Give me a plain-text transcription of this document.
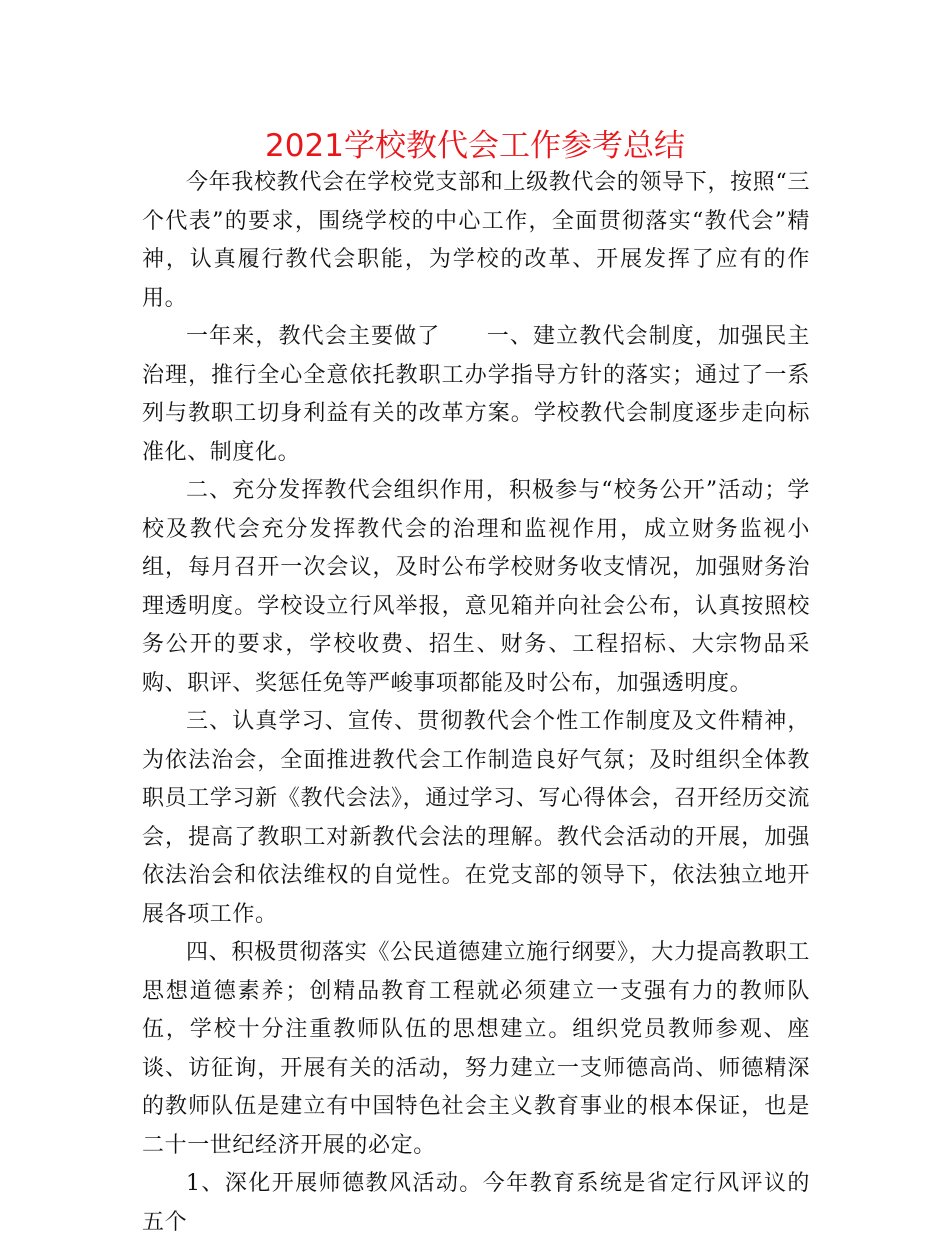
2021学校教代会工作参考总结

今年我校教代会在学校党支部和上级教代会的领导下，按照“三个代表”的要求，围绕学校的中心工作，全面贯彻落实“教代会”精神，认真履行教代会职能，为学校的改革、开展发挥了应有的作用。

一年来，教代会主要做了　　一、建立教代会制度，加强民主治理，推行全心全意依托教职工办学指导方针的落实；通过了一系列与教职工切身利益有关的改革方案。学校教代会制度逐步走向标准化、制度化。

二、充分发挥教代会组织作用，积极参与“校务公开”活动；学校及教代会充分发挥教代会的治理和监视作用，成立财务监视小组，每月召开一次会议，及时公布学校财务收支情况，加强财务治理透明度。学校设立行风举报，意见箱并向社会公布，认真按照校务公开的要求，学校收费、招生、财务、工程招标、大宗物品采购、职评、奖惩任免等严峻事项都能及时公布，加强透明度。

三、认真学习、宣传、贯彻教代会个性工作制度及文件精神，为依法治会，全面推进教代会工作制造良好气氛；及时组织全体教职员工学习新《教代会法》，通过学习、写心得体会，召开经历交流会，提高了教职工对新教代会法的理解。教代会活动的开展，加强依法治会和依法维权的自觉性。在党支部的领导下，依法独立地开展各项工作。

四、积极贯彻落实《公民道德建立施行纲要》，大力提高教职工思想道德素养；创精品教育工程就必须建立一支强有力的教师队伍，学校十分注重教师队伍的思想建立。组织党员教师参观、座谈、访征询，开展有关的活动，努力建立一支师德高尚、师德精深的教师队伍是建立有中国特色社会主义教育事业的根本保证，也是二十一世纪经济开展的必定。

1、深化开展师德教风活动。今年教育系统是省定行风评议的五个
